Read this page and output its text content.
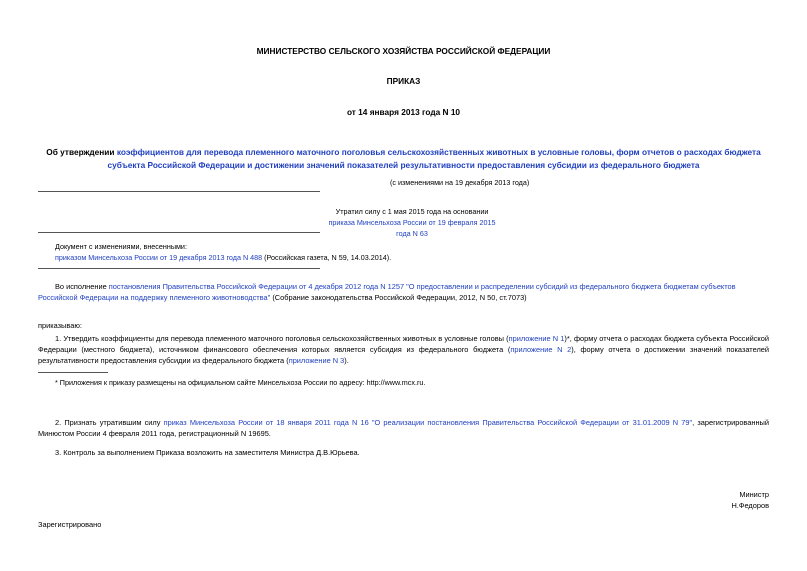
МИНИСТЕРСТВО СЕЛЬСКОГО ХОЗЯЙСТВА РОССИЙСКОЙ ФЕДЕРАЦИИ
ПРИКАЗ
от 14 января 2013 года N 10
Об утверждении коэффициентов для перевода племенного маточного поголовья сельскохозяйственных животных в условные головы, форм отчетов о расходах бюджета субъекта Российской Федерации и достижении значений показателей результативности предоставления субсидии из федерального бюджета
(с изменениями на 19 декабря 2013 года)
Утратил силу с 1 мая 2015 года на основании
приказа Минсельхоза России от 19 февраля 2015 года N 63
Документ с изменениями, внесенными:
приказом Минсельхоза России от 19 декабря 2013 года N 488 (Российская газета, N 59, 14.03.2014).
Во исполнение постановления Правительства Российской Федерации от 4 декабря 2012 года N 1257 "О предоставлении и распределении субсидий из федерального бюджета бюджетам субъектов Российской Федерации на поддержку племенного животноводства" (Собрание законодательства Российской Федерации, 2012, N 50, ст.7073)
приказываю:
1. Утвердить коэффициенты для перевода племенного маточного поголовья сельскохозяйственных животных в условные головы (приложение N 1)*, форму отчета о расходах бюджета субъекта Российской Федерации (местного бюджета), источником финансового обеспечения которых является субсидия из федерального бюджета (приложение N 2), форму отчета о достижении значений показателей результативности предоставления субсидии из федерального бюджета (приложение N 3).
* Приложения к приказу размещены на официальном сайте Минсельхоза России по адресу: http://www.mcx.ru.
2. Признать утратившим силу приказ Минсельхоза России от 18 января 2011 года N 16 "О реализации постановления Правительства Российской Федерации от 31.01.2009 N 79", зарегистрированный Минюстом России 4 февраля 2011 года, регистрационный N 19695.
3. Контроль за выполнением Приказа возложить на заместителя Министра Д.В.Юрьева.
Министр
Н.Федоров
Зарегистрировано
